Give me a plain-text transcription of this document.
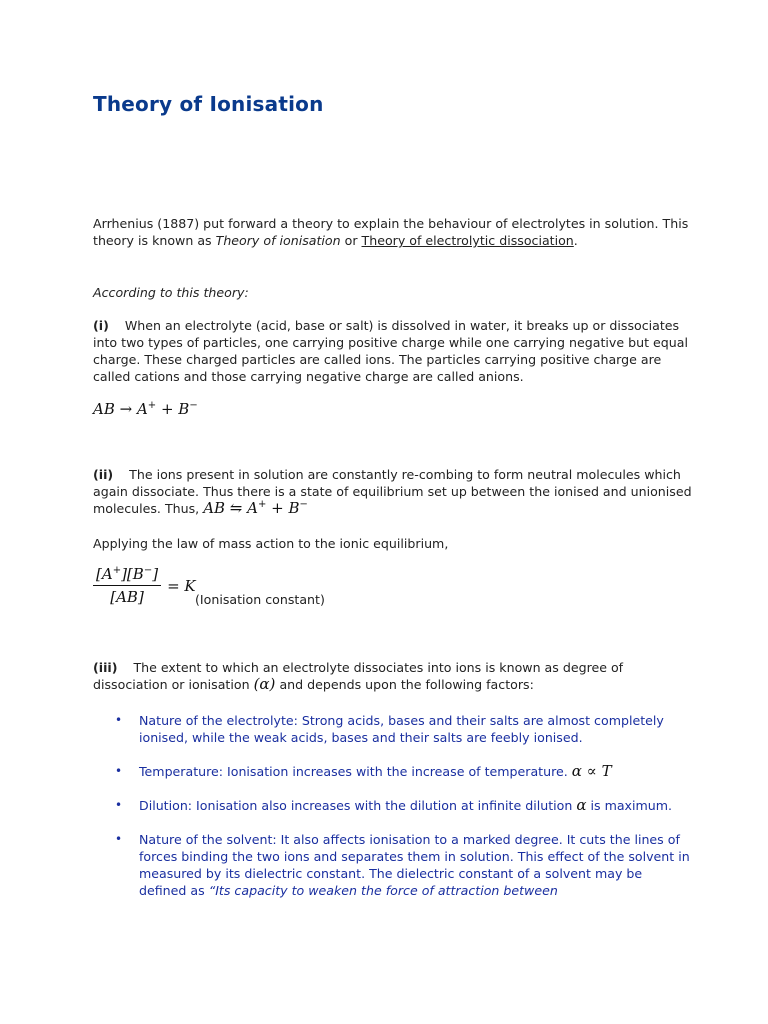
Theory of Ionisation

Arrhenius (1887) put forward a theory to explain the behaviour of electrolytes in solution. This theory is known as Theory of ionisation or Theory of electrolytic dissociation.

According to this theory:

(i) When an electrolyte (acid, base or salt) is dissolved in water, it breaks up or dissociates into two types of particles, one carrying positive charge while one carrying negative but equal charge. These charged particles are called ions. The particles carrying positive charge are called cations and those carrying negative charge are called anions.

AB → A+ + B−

(ii) The ions present in solution are constantly re-combing to form neutral molecules which again dissociate. Thus there is a state of equilibrium set up between the ionised and unionised molecules. Thus, AB ⇋ A+ + B−

Applying the law of mass action to the ionic equilibrium,

$\frac{[A^+][B^-]}{[AB]} = K$
(Ionisation constant)

(iii) The extent to which an electrolyte dissociates into ions is known as degree of dissociation or ionisation (α) and depends upon the following factors:

• Nature of the electrolyte: Strong acids, bases and their salts are almost completely ionised, while the weak acids, bases and their salts are feebly ionised.
• Temperature: Ionisation increases with the increase of temperature. α ∝ T
• Dilution: Ionisation also increases with the dilution at infinite dilution α is maximum.
• Nature of the solvent: It also affects ionisation to a marked degree. It cuts the lines of forces binding the two ions and separates them in solution. This effect of the solvent in measured by its dielectric constant. The dielectric constant of a solvent may be defined as “Its capacity to weaken the force of attraction between
